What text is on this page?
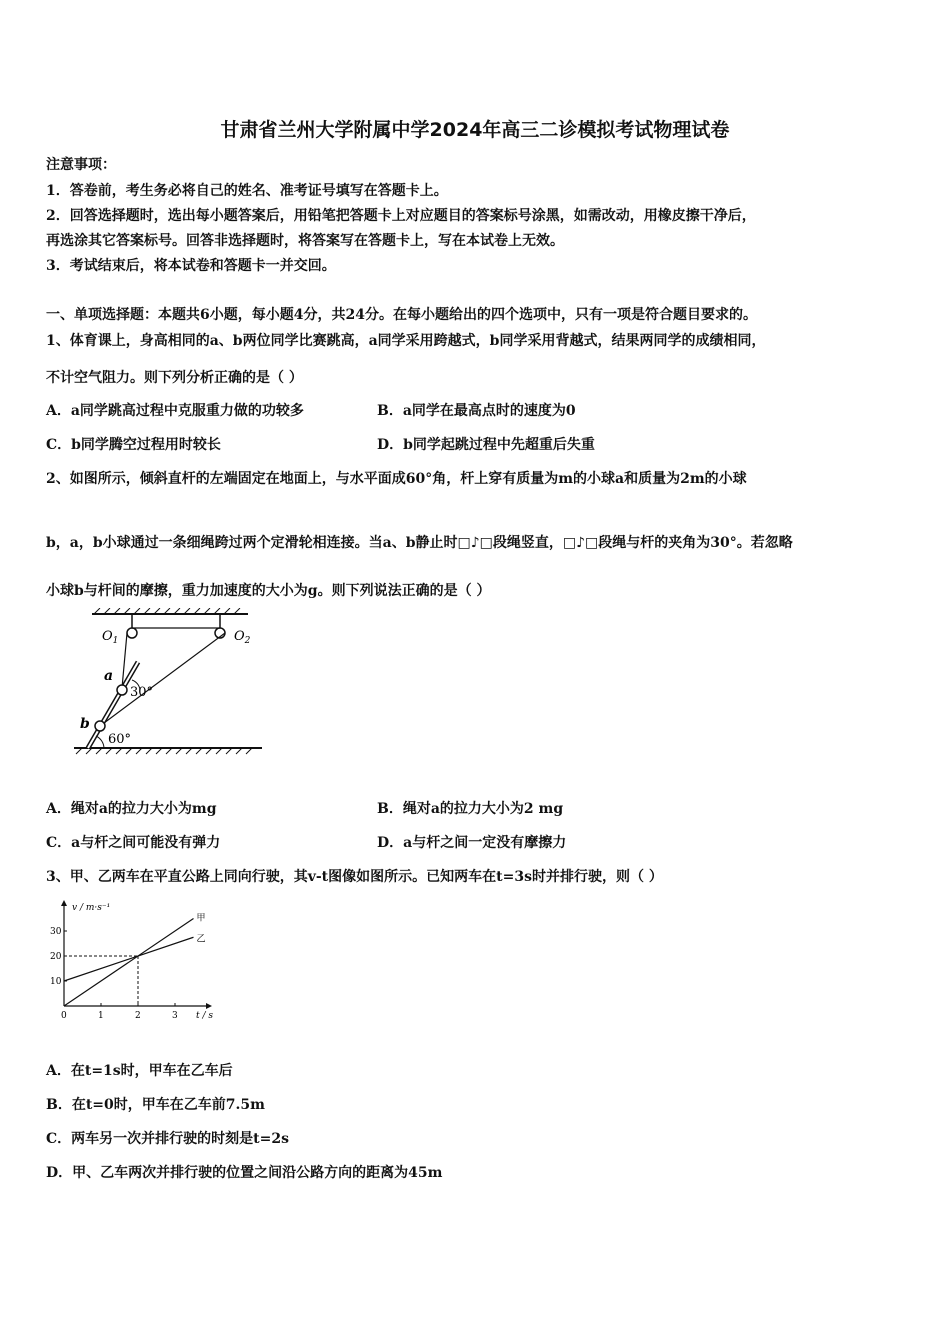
甘肃省兰州大学附属中学2024年高三二诊模拟考试物理试卷
注意事项：
1．答卷前，考生务必将自己的姓名、准考证号填写在答题卡上。
2．回答选择题时，选出每小题答案后，用铅笔把答题卡上对应题目的答案标号涂黑，如需改动，用橡皮擦干净后，
再选涂其它答案标号。回答非选择题时，将答案写在答题卡上，写在本试卷上无效。
3．考试结束后，将本试卷和答题卡一并交回。
一、单项选择题：本题共6小题，每小题4分，共24分。在每小题给出的四个选项中，只有一项是符合题目要求的。
1、体育课上，身高相同的a、b两位同学比赛跳高，a同学采用跨越式，b同学采用背越式，结果两同学的成绩相同，
不计空气阻力。则下列分析正确的是（ ）
A．a同学跳高过程中克服重力做的功较多	B．a同学在最高点时的速度为0
C．b同学腾空过程用时较长	D．b同学起跳过程中先超重后失重
2、如图所示，倾斜直杆的左端固定在地面上，与水平面成60°角，杆上穿有质量为m的小球a和质量为2m的小球
b，a，b小球通过一条细绳跨过两个定滑轮相连接。当a、b静止时□♪□段绳竖直，□♪□段绳与杆的夹角为30°。若忽略
小球b与杆间的摩擦，重力加速度的大小为g。则下列说法正确的是（ ）
$O_1$	$O_2$
a
b
30°
60°
A．绳对a的拉力大小为mg	B．绳对a的拉力大小为2 mg
C．a与杆之间可能没有弹力	D．a与杆之间一定没有摩擦力
3、甲、乙两车在平直公路上同向行驶，其v-t图像如图所示。已知两车在t=3s时并排行驶，则（ ）
v / m·s⁻¹
t / s
0	1	2	3
10
20
30
甲
乙
A．在t=1s时，甲车在乙车后
B．在t=0时，甲车在乙车前7.5m
C．两车另一次并排行驶的时刻是t=2s
D．甲、乙车两次并排行驶的位置之间沿公路方向的距离为45m
